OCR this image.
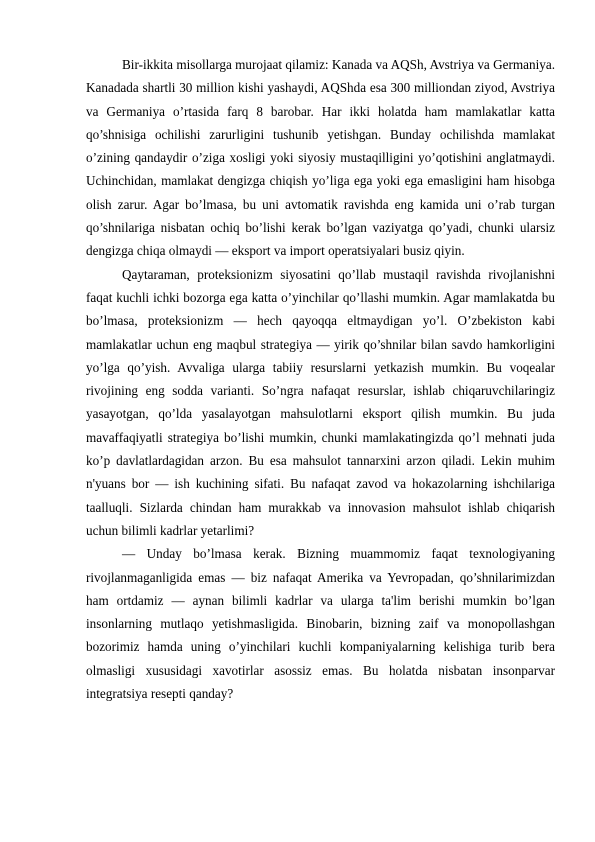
Bir-ikkita misollarga murojaat qilamiz: Kanada va AQSh, Avstriya va Germaniya. Kanadada shartli 30 million kishi yashaydi, AQShda esa 300 milliondan ziyod, Avstriya va Germaniya o’rtasida farq 8 barobar. Har ikki holatda ham mamlakatlar katta qo’shnisiga ochilishi zarurligini tushunib yetishgan. Bunday ochilishda mamlakat o’zining qandaydir o’ziga xosligi yoki siyosiy mustaqilligini yo’qotishini anglatmaydi. Uchinchidan, mamlakat dengizga chiqish yo’liga ega yoki ega emasligini ham hisobga olish zarur. Agar bo’lmasa, bu uni avtomatik ravishda eng kamida uni o’rab turgan qo’shnilariga nisbatan ochiq bo’lishi kerak bo’lgan vaziyatga qo’yadi, chunki ularsiz dengizga chiqa olmaydi — eksport va import operatsiyalari busiz qiyin.

Qaytaraman, proteksionizm siyosatini qo’llab mustaqil ravishda rivojlanishni faqat kuchli ichki bozorga ega katta o’yinchilar qo’llashi mumkin. Agar mamlakatda bu bo’lmasa, proteksionizm — hech qayoqqa eltmaydigan yo’l. O’zbekiston kabi mamlakatlar uchun eng maqbul strategiya — yirik qo’shnilar bilan savdo hamkorligini yo’lga qo’yish. Avvaliga ularga tabiiy resurslarni yetkazish mumkin. Bu voqealar rivojining eng sodda varianti. So’ngra nafaqat resurslar, ishlab chiqaruvchilaringiz yasayotgan, qo’lda yasalayotgan mahsulotlarni eksport qilish mumkin. Bu juda mavaffaqiyatli strategiya bo’lishi mumkin, chunki mamlakatingizda qo’l mehnati juda ko’p davlatlardagidan arzon. Bu esa mahsulot tannarxini arzon qiladi. Lekin muhim n'yuans bor — ish kuchining sifati. Bu nafaqat zavod va hokazolarning ishchilariga taalluqli. Sizlarda chindan ham murakkab va innovasion mahsulot ishlab chiqarish uchun bilimli kadrlar yetarlimi?

— Unday bo’lmasa kerak. Bizning muammomiz faqat texnologiyaning rivojlanmaganligida emas — biz nafaqat Amerika va Yevropadan, qo’shnilarimizdan ham ortdamiz — aynan bilimli kadrlar va ularga ta'lim berishi mumkin bo’lgan insonlarning mutlaqo yetishmasligida. Binobarin, bizning zaif va monopollashgan bozorimiz hamda uning o’yinchilari kuchli kompaniyalarning kelishiga turib bera olmasligi xususidagi xavotirlar asossiz emas. Bu holatda nisbatan insonparvar integratsiya resepti qanday?
